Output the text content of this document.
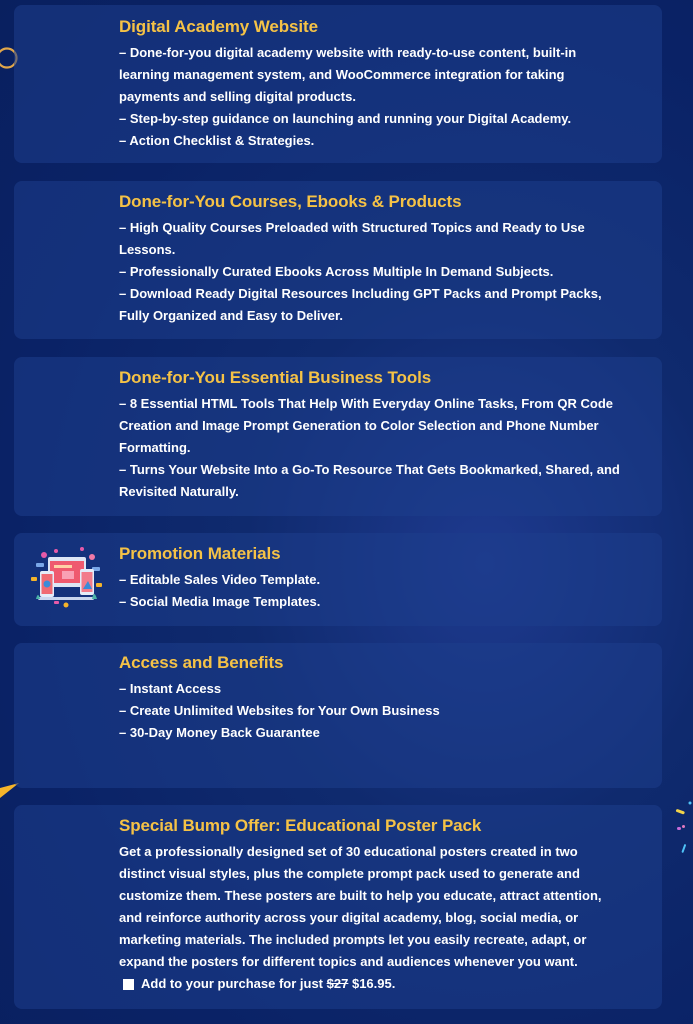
Digital Academy Website
– Done-for-you digital academy website with ready-to-use content, built-in
learning management system, and WooCommerce integration for taking
payments and selling digital products.
– Step-by-step guidance on launching and running your Digital Academy.
– Action Checklist & Strategies.
Done-for-You Courses, Ebooks & Products
– High Quality Courses Preloaded with Structured Topics and Ready to Use
Lessons.
– Professionally Curated Ebooks Across Multiple In Demand Subjects.
– Download Ready Digital Resources Including GPT Packs and Prompt Packs,
Fully Organized and Easy to Deliver.
Done-for-You Essential Business Tools
– 8 Essential HTML Tools That Help With Everyday Online Tasks, From QR Code
Creation and Image Prompt Generation to Color Selection and Phone Number
Formatting.
– Turns Your Website Into a Go-To Resource That Gets Bookmarked, Shared, and
Revisited Naturally.
Promotion Materials
– Editable Sales Video Template.
– Social Media Image Templates.
Access and Benefits
– Instant Access
– Create Unlimited Websites for Your Own Business
– 30-Day Money Back Guarantee
Special Bump Offer: Educational Poster Pack
Get a professionally designed set of 30 educational posters created in two
distinct visual styles, plus the complete prompt pack used to generate and
customize them. These posters are built to help you educate, attract attention,
and reinforce authority across your digital academy, blog, social media, or
marketing materials. The included prompts let you easily recreate, adapt, or
expand the posters for different topics and audiences whenever you want.
Add to your purchase for just $27 $16.95.
